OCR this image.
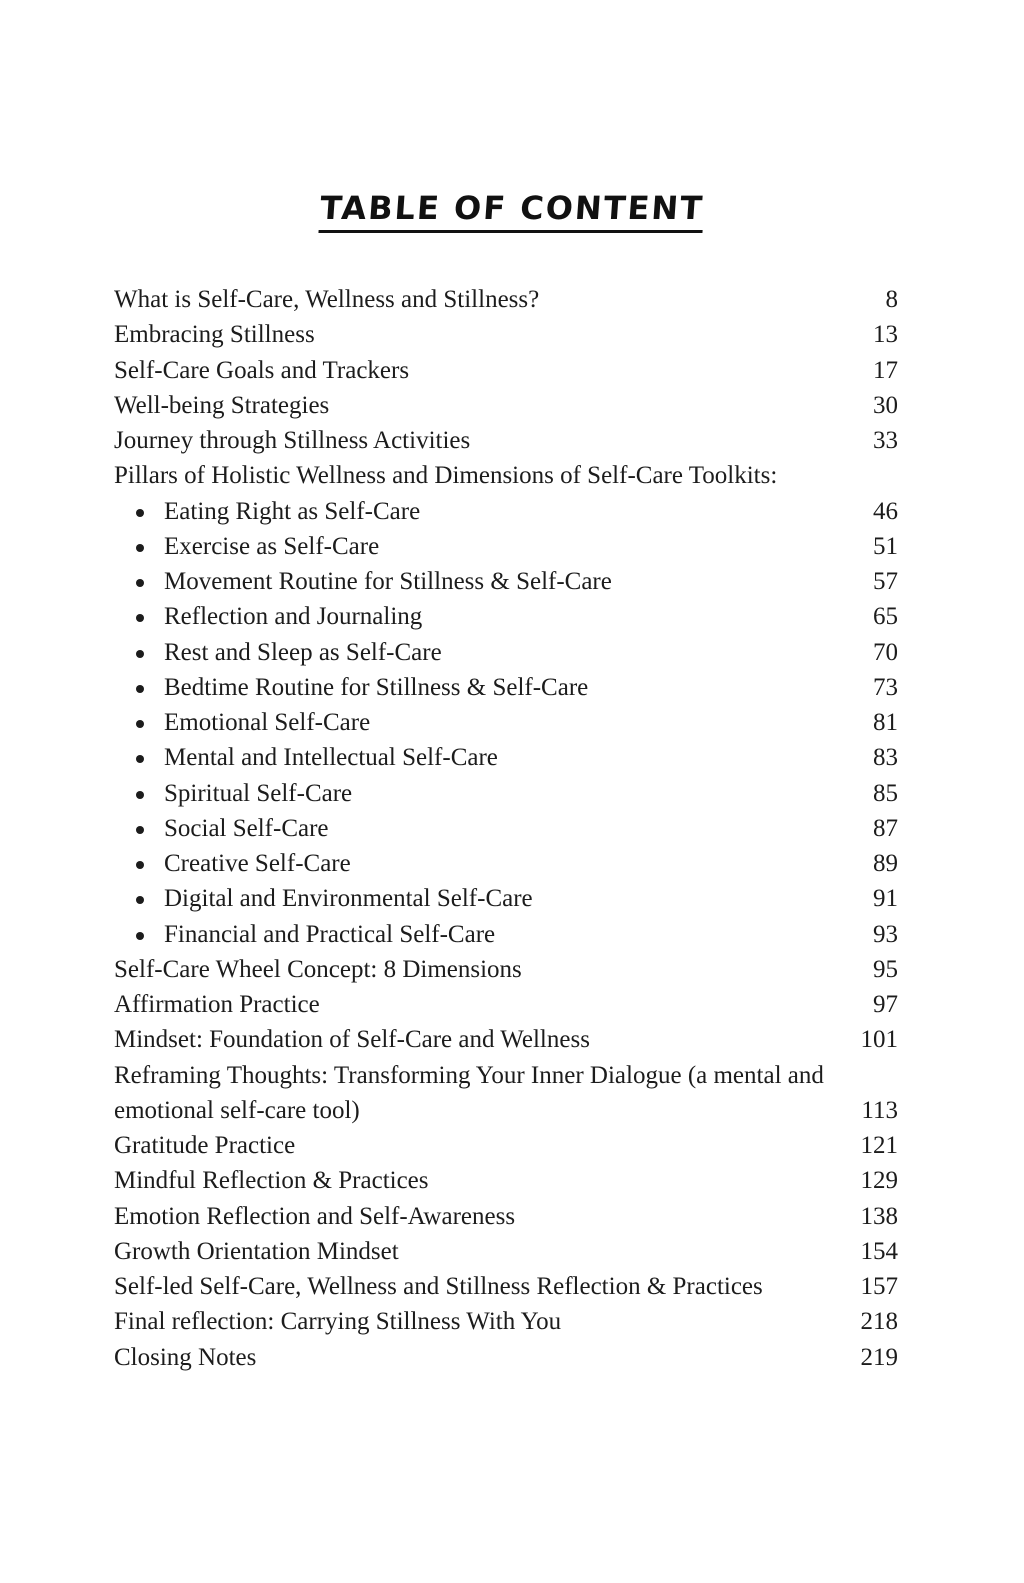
TABLE OF CONTENT
What is Self-Care, Wellness and Stillness?	8
Embracing Stillness	13
Self-Care Goals and Trackers	17
Well-being Strategies	30
Journey through Stillness Activities	33
Pillars of Holistic Wellness and Dimensions of Self-Care Toolkits:
Eating Right as Self-Care	46
Exercise as Self-Care	51
Movement Routine for Stillness & Self-Care	57
Reflection and Journaling	65
Rest and Sleep as Self-Care	70
Bedtime Routine for Stillness & Self-Care	73
Emotional Self-Care	81
Mental and Intellectual Self-Care	83
Spiritual Self-Care	85
Social Self-Care	87
Creative Self-Care	89
Digital and Environmental Self-Care	91
Financial and Practical Self-Care	93
Self-Care Wheel Concept: 8 Dimensions	95
Affirmation Practice	97
Mindset: Foundation of Self-Care and Wellness	101
Reframing Thoughts: Transforming Your Inner Dialogue (a mental and
emotional self-care tool)	113
Gratitude Practice	121
Mindful Reflection & Practices	129
Emotion Reflection and Self-Awareness	138
Growth Orientation Mindset	154
Self-led Self-Care, Wellness and Stillness Reflection & Practices	157
Final reflection: Carrying Stillness With You	218
Closing Notes	219
